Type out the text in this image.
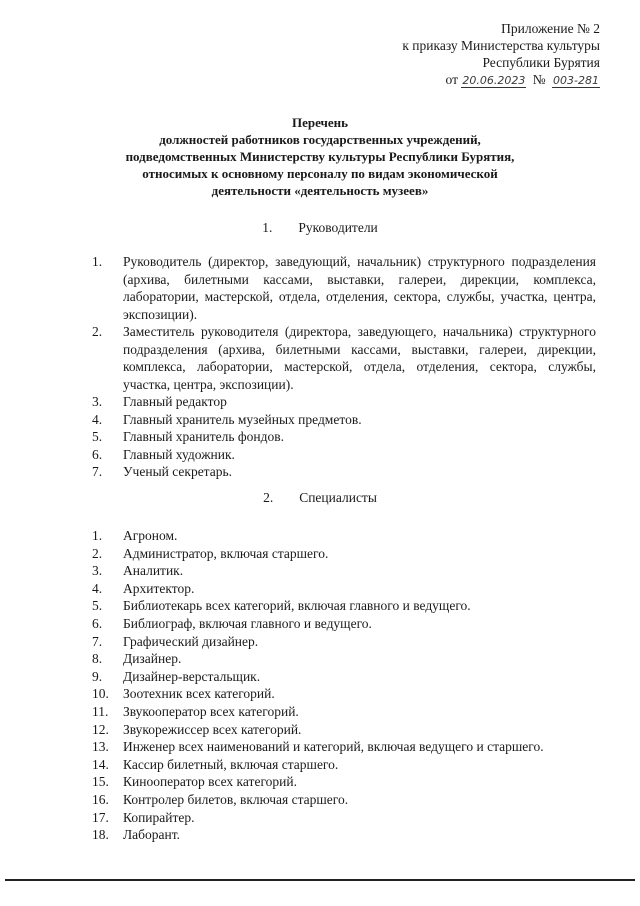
Приложение № 2
к приказу Министерства культуры
Республики Бурятия
от 20.06.2023 № 003-281
Перечень
должностей работников государственных учреждений,
подведомственных Министерству культуры Республики Бурятия,
относимых к основному персоналу по видам экономической
деятельности «деятельность музеев»
1. Руководители
1. Руководитель (директор, заведующий, начальник) структурного подразделения (архива, билетными кассами, выставки, галереи, дирекции, комплекса, лаборатории, мастерской, отдела, отделения, сектора, службы, участка, центра, экспозиции).
2. Заместитель руководителя (директора, заведующего, начальника) структурного подразделения (архива, билетными кассами, выставки, галереи, дирекции, комплекса, лаборатории, мастерской, отдела, отделения, сектора, службы, участка, центра, экспозиции).
3. Главный редактор
4. Главный хранитель музейных предметов.
5. Главный хранитель фондов.
6. Главный художник.
7. Ученый секретарь.
2. Специалисты
1. Агроном.
2. Администратор, включая старшего.
3. Аналитик.
4. Архитектор.
5. Библиотекарь всех категорий, включая главного и ведущего.
6. Библиограф, включая главного и ведущего.
7. Графический дизайнер.
8. Дизайнер.
9. Дизайнер-верстальщик.
10. Зоотехник всех категорий.
11. Звукооператор всех категорий.
12. Звукорежиссер всех категорий.
13. Инженер всех наименований и категорий, включая ведущего и старшего.
14. Кассир билетный, включая старшего.
15. Кинооператор всех категорий.
16. Контролер билетов, включая старшего.
17. Копирайтер.
18. Лаборант.
